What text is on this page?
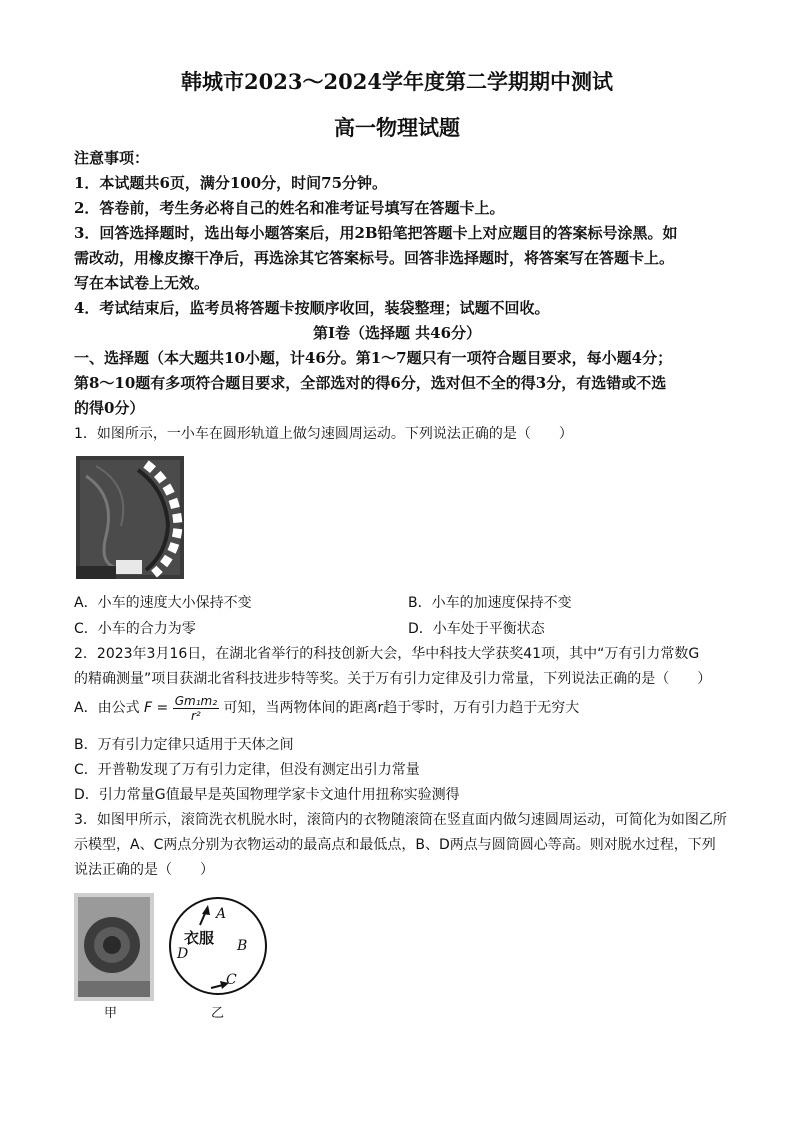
韩城市2023～2024学年度第二学期期中测试
高一物理试题
注意事项：
1．本试题共6页，满分100分，时间75分钟。
2．答卷前，考生务必将自己的姓名和准考证号填写在答题卡上。
3．回答选择题时，选出每小题答案后，用2B铅笔把答题卡上对应题目的答案标号涂黑。如
需改动，用橡皮擦干净后，再选涂其它答案标号。回答非选择题时，将答案写在答题卡上。
写在本试卷上无效。
4．考试结束后，监考员将答题卡按顺序收回，装袋整理；试题不回收。
第Ⅰ卷（选择题 共46分）
一、选择题（本大题共10小题，计46分。第1～7题只有一项符合题目要求，每小题4分；
第8～10题有多项符合题目要求，全部选对的得6分，选对但不全的得3分，有选错或不选
的得0分）
1．如图所示，一小车在圆形轨道上做匀速圆周运动。下列说法正确的是（　　）
A．小车的速度大小保持不变	B．小车的加速度保持不变
C．小车的合力为零	D．小车处于平衡状态
2．2023年3月16日，在湖北省举行的科技创新大会，华中科技大学获奖41项，其中“万有引力常数G
的精确测量”项目获湖北省科技进步特等奖。关于万有引力定律及引力常量，下列说法正确的是（　　）
A．由公式 $F = \frac{\text{Gm₁m₂}}{\text{r²}}$ 可知，当两物体间的距离r趋于零时，万有引力趋于无穷大
B．万有引力定律只适用于天体之间
C．开普勒发现了万有引力定律，但没有测定出引力常量
D．引力常量G值最早是英国物理学家卡文迪什用扭称实验测得
3．如图甲所示，滚筒洗衣机脱水时，滚筒内的衣物随滚筒在竖直面内做匀速圆周运动，可简化为如图乙所
示模型，A、C两点分别为衣物运动的最高点和最低点，B、D两点与圆筒圆心等高。则对脱水过程，下列
说法正确的是（　　）
甲
A
B
C
D
衣服
乙
